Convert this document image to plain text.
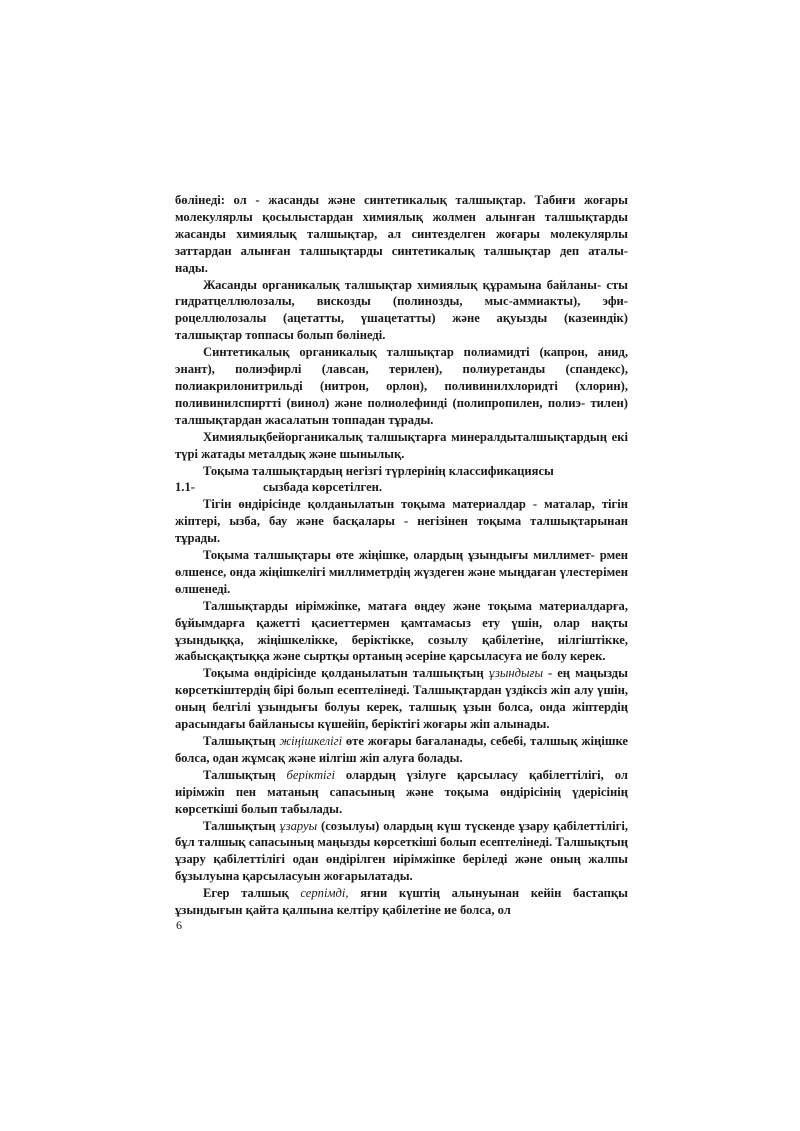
бөлінеді: ол - жасанды және синтетикалық талшықтар. Табиғи жоғары молекулярлы қосылыстардан химиялық жолмен алынған талшықтарды жасанды химиялық талшықтар, ал синтезделген жоғары молекулярлы заттардан алынған талшықтарды синтетикалық талшықтар деп аталы- нады.

Жасанды органикалық талшықтар химиялық құрамына байланы- сты гидратцеллюлозалы, вискозды (полинозды, мыс-аммиакты), эфи- роцеллюлозалы (ацетатты, үшацетатты) және ақуызды (казеиндік) талшықтар топпасы болып бөлінеді.

Синтетикалық органикалық талшықтар полиамидті (капрон, анид, энант), полиэфирлі (лавсан, терилен), полиуретанды (спандекс), полиакрилонитрильді (нитрон, орлон), поливинилхлоридті (хлорин), поливинилспиртті (винол) және полиолефинді (полипропилен, полиэ- тилен) талшықтардан жасалатын топпадан тұрады.

Химиялықбейорганикалық талшықтарға минералдыталшықтардың екі түрі жатады металдық және шынылық.

Тоқыма талшықтардың негізгі түрлерінің классификациясы

1.1-	сызбада көрсетілген.

Тігін өндірісінде қолданылатын тоқыма материалдар - маталар, тігін жіптері, ызба, бау және басқалары - негізінен тоқыма талшықтарынан тұрады.

Тоқыма талшықтары өте жіңішке, олардың ұзындығы миллимет- рмен өлшенсе, онда жіңішкелігі миллиметрдің жүздеген және мыңдаған үлестерімен өлшенеді.

Талшықтарды иірімжіпке, матаға өңдеу және тоқыма материалдарға, бұйымдарға қажетті қасиеттермен қамтамасыз ету үшін, олар нақты ұзындыққа, жіңішкелікке, беріктікке, созылу қабілетіне, иілгіштікке, жабысқақтыққа және сыртқы ортаның әсеріне қарсыласуға ие болу керек.

Тоқыма өндірісінде қолданылатын талшықтың ұзындығы - ең маңызды көрсеткіштердің бірі болып есептелінеді. Талшықтардан үздіксіз жіп алу үшін, оның белгілі ұзындығы болуы керек, талшық ұзын болса, онда жіптердің арасындағы байланысы күшейіп, беріктігі жоғары жіп алынады.

Талшықтың жіңішкелігі өте жоғары бағаланады, себебі, талшық жіңішке болса, одан жұмсақ және иілгіш жіп алуға болады.

Талшықтың беріктігі олардың үзілуге қарсыласу қабілеттілігі, ол иірімжіп пен матаның сапасының және тоқыма өндірісінің үдерісінің көрсеткіші болып табылады.

Талшықтың ұзаруы (созылуы) олардың күш түскенде ұзару қабілеттілігі, бұл талшық сапасының маңызды көрсеткіші болып есептелінеді. Талшықтың ұзару қабілеттілігі одан өндірілген иірімжіпке беріледі және оның жалпы бұзылуына қарсыласуын жоғарылатады.

Егер талшық серпімді, яғни күштің алынуынан кейін бастапқы ұзындығын қайта қалпына келтіру қабілетіне ие болса, ол

6
